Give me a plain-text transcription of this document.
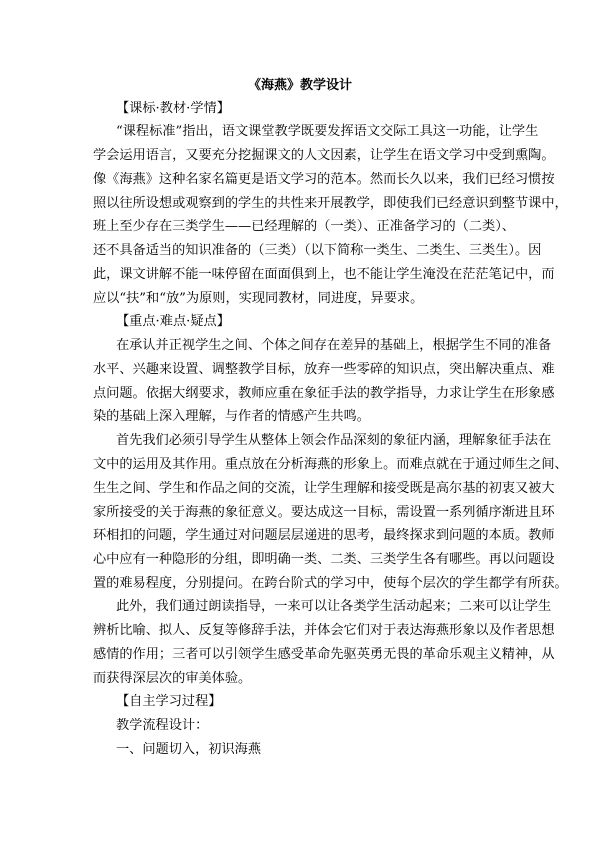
《海燕》教学设计
【课标·教材·学情】
“课程标准”指出，语文课堂教学既要发挥语文交际工具这一功能，让学生
学会运用语言，又要充分挖掘课文的人文因素，让学生在语文学习中受到熏陶。
像《海燕》这种名家名篇更是语文学习的范本。然而长久以来，我们已经习惯按
照以往所设想或观察到的学生的共性来开展教学，即使我们已经意识到整节课中，
班上至少存在三类学生——已经理解的（一类）、正准备学习的（二类）、
还不具备适当的知识准备的（三类）（以下简称一类生、二类生、三类生）。因
此，课文讲解不能一味停留在面面俱到上，也不能让学生淹没在茫茫笔记中，而
应以“扶”和“放”为原则，实现同教材，同进度，异要求。
【重点·难点·疑点】
在承认并正视学生之间、个体之间存在差异的基础上，根据学生不同的准备
水平、兴趣来设置、调整教学目标，放弃一些零碎的知识点，突出解决重点、难
点问题。依据大纲要求，教师应重在象征手法的教学指导，力求让学生在形象感
染的基础上深入理解，与作者的情感产生共鸣。
首先我们必须引导学生从整体上领会作品深刻的象征内涵，理解象征手法在
文中的运用及其作用。重点放在分析海燕的形象上。而难点就在于通过师生之间、
生生之间、学生和作品之间的交流，让学生理解和接受既是高尔基的初衷又被大
家所接受的关于海燕的象征意义。要达成这一目标，需设置一系列循序渐进且环
环相扣的问题，学生通过对问题层层递进的思考，最终探求到问题的本质。教师
心中应有一种隐形的分组，即明确一类、二类、三类学生各有哪些。再以问题设
置的难易程度，分别提问。在跨台阶式的学习中，使每个层次的学生都学有所获。
此外，我们通过朗读指导，一来可以让各类学生活动起来；二来可以让学生
辨析比喻、拟人、反复等修辞手法，并体会它们对于表达海燕形象以及作者思想
感情的作用；三者可以引领学生感受革命先驱英勇无畏的革命乐观主义精神，从
而获得深层次的审美体验。
【自主学习过程】
教学流程设计：
一、问题切入，初识海燕
